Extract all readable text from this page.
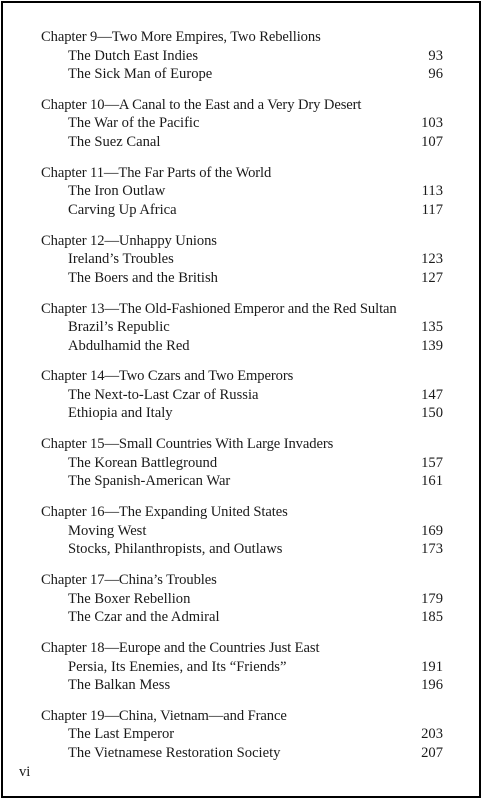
Chapter 9—Two More Empires, Two Rebellions
The Dutch East Indies	93
The Sick Man of Europe	96
Chapter 10—A Canal to the East and a Very Dry Desert
The War of the Pacific	103
The Suez Canal	107
Chapter 11—The Far Parts of the World
The Iron Outlaw	113
Carving Up Africa	117
Chapter 12—Unhappy Unions
Ireland’s Troubles	123
The Boers and the British	127
Chapter 13—The Old-Fashioned Emperor and the Red Sultan
Brazil’s Republic	135
Abdulhamid the Red	139
Chapter 14—Two Czars and Two Emperors
The Next-to-Last Czar of Russia	147
Ethiopia and Italy	150
Chapter 15—Small Countries With Large Invaders
The Korean Battleground	157
The Spanish-American War	161
Chapter 16—The Expanding United States
Moving West	169
Stocks, Philanthropists, and Outlaws	173
Chapter 17—China’s Troubles
The Boxer Rebellion	179
The Czar and the Admiral	185
Chapter 18—Europe and the Countries Just East
Persia, Its Enemies, and Its “Friends”	191
The Balkan Mess	196
Chapter 19—China, Vietnam—and France
The Last Emperor	203
The Vietnamese Restoration Society	207
vi
